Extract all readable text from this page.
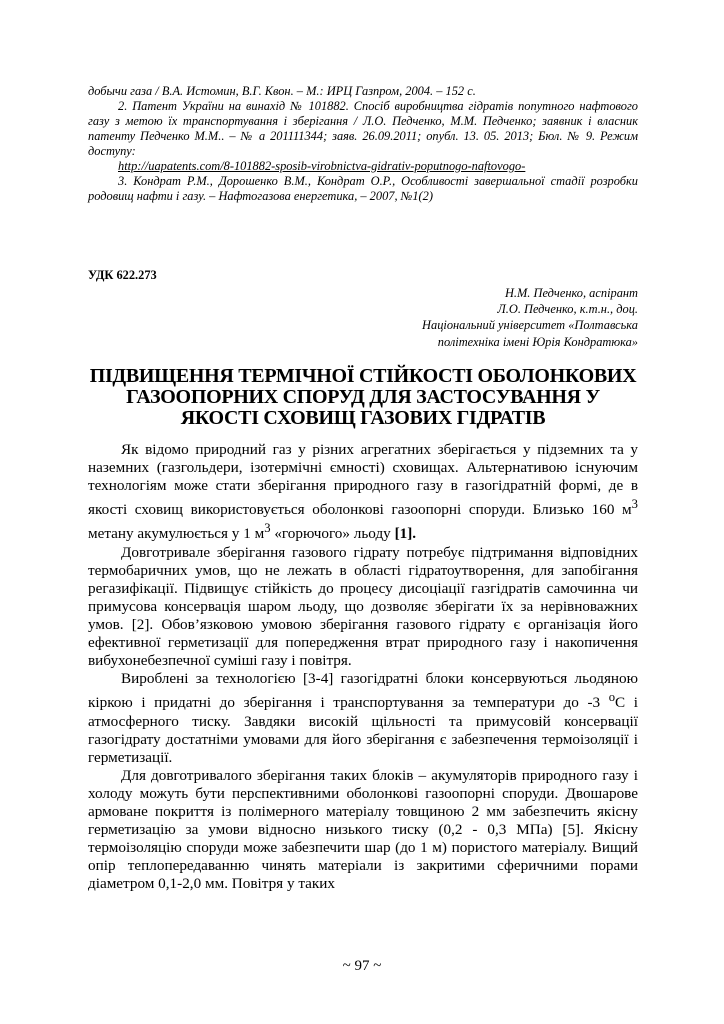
добычи газа / В.А. Истомин, В.Г. Квон. – М.: ИРЦ Газпром, 2004. – 152 с.

2. Патент України на винахід № 101882. Спосіб виробництва гідратів попутного нафтового газу з метою їх транспортування і зберігання / Л.О. Педченко, М.М. Педченко; заявник і власник патенту Педченко М.М.. – № а 201111344; заяв. 26.09.2011; опубл. 13. 05. 2013; Бюл. № 9. Режим доступу:

http://uapatents.com/8-101882-sposib-virobnictva-gidrativ-poputnogo-naftovogo-

3. Кондрат Р.М., Дорошенко В.М., Кондрат О.Р., Особливості завершальної стадії розробки родовищ нафти і газу. – Нафтогазова енергетика, – 2007, №1(2)

УДК 622.273
Н.М. Педченко, аспірант
Л.О. Педченко, к.т.н., доц.
Національний університет «Полтавська
політехніка імені Юрія Кондратюка»
ПІДВИЩЕННЯ ТЕРМІЧНОЇ СТІЙКОСТІ ОБОЛОНКОВИХ
ГАЗООПОРНИХ СПОРУД ДЛЯ ЗАСТОСУВАННЯ У
ЯКОСТІ СХОВИЩ ГАЗОВИХ ГІДРАТІВ

Як відомо природний газ у різних агрегатних зберігається у підземних та у наземних (газгольдери, ізотермічні ємності) сховищах. Альтернативою існуючим технологіям може стати зберігання природного газу в газогідратній формі, де в якості сховищ використовується оболонкові газоопорні споруди. Близько 160 $м^3$ метану акумулюється у 1 $м^3$ «горючого» льоду [1].

Довготривале зберігання газового гідрату потребує підтримання відповідних термобаричних умов, що не лежать в області гідратоутворення, для запобігання регазифікації. Підвищує стійкість до процесу дисоціації газгідратів самочинна чи примусова консервація шаром льоду, що дозволяє зберігати їх за нерівноважних умов. [2]. Обов’язковою умовою зберігання газового гідрату є організація його ефективної герметизації для попередження втрат природного газу і накопичення вибухонебезпечної суміші газу і повітря.

Вироблені за технологією [3-4] газогідратні блоки консервуються льодяною кіркою і придатні до зберігання і транспортування за температури до -3 $^о$С і атмосферного тиску. Завдяки високій щільності та примусовій консервації газогідрату достатніми умовами для його зберігання є забезпечення термоізоляції і герметизації.

Для довготривалого зберігання таких блоків – акумуляторів природного газу і холоду можуть бути перспективними оболонкові газоопорні споруди. Двошарове армоване покриття із полімерного матеріалу товщиною 2 мм забезпечить якісну герметизацію за умови відносно низького тиску (0,2 - 0,3 МПа) [5]. Якісну термоізоляцію споруди може забезпечити шар (до 1 м) пористого матеріалу. Вищий опір теплопередаванню чинять матеріали із закритими сферичними порами діаметром 0,1-2,0 мм. Повітря у таких

~ 97 ~
